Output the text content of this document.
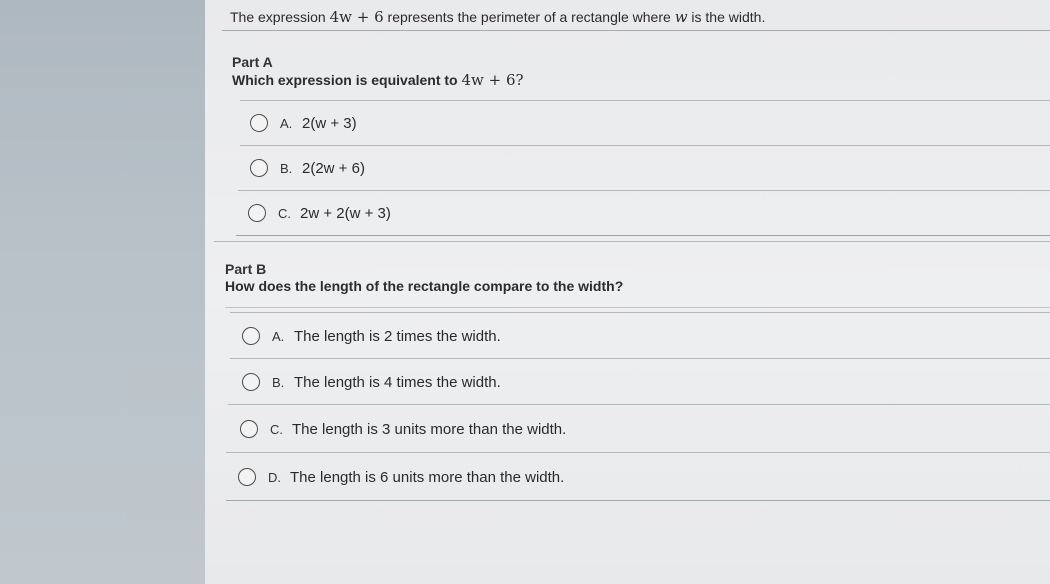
The expression 4w + 6 represents the perimeter of a rectangle where w is the width.
Part A
Which expression is equivalent to 4w + 6?
A. 2(w + 3)
B. 2(2w + 6)
C. 2w + 2(w + 3)
Part B
How does the length of the rectangle compare to the width?
A. The length is 2 times the width.
B. The length is 4 times the width.
C. The length is 3 units more than the width.
D. The length is 6 units more than the width.
